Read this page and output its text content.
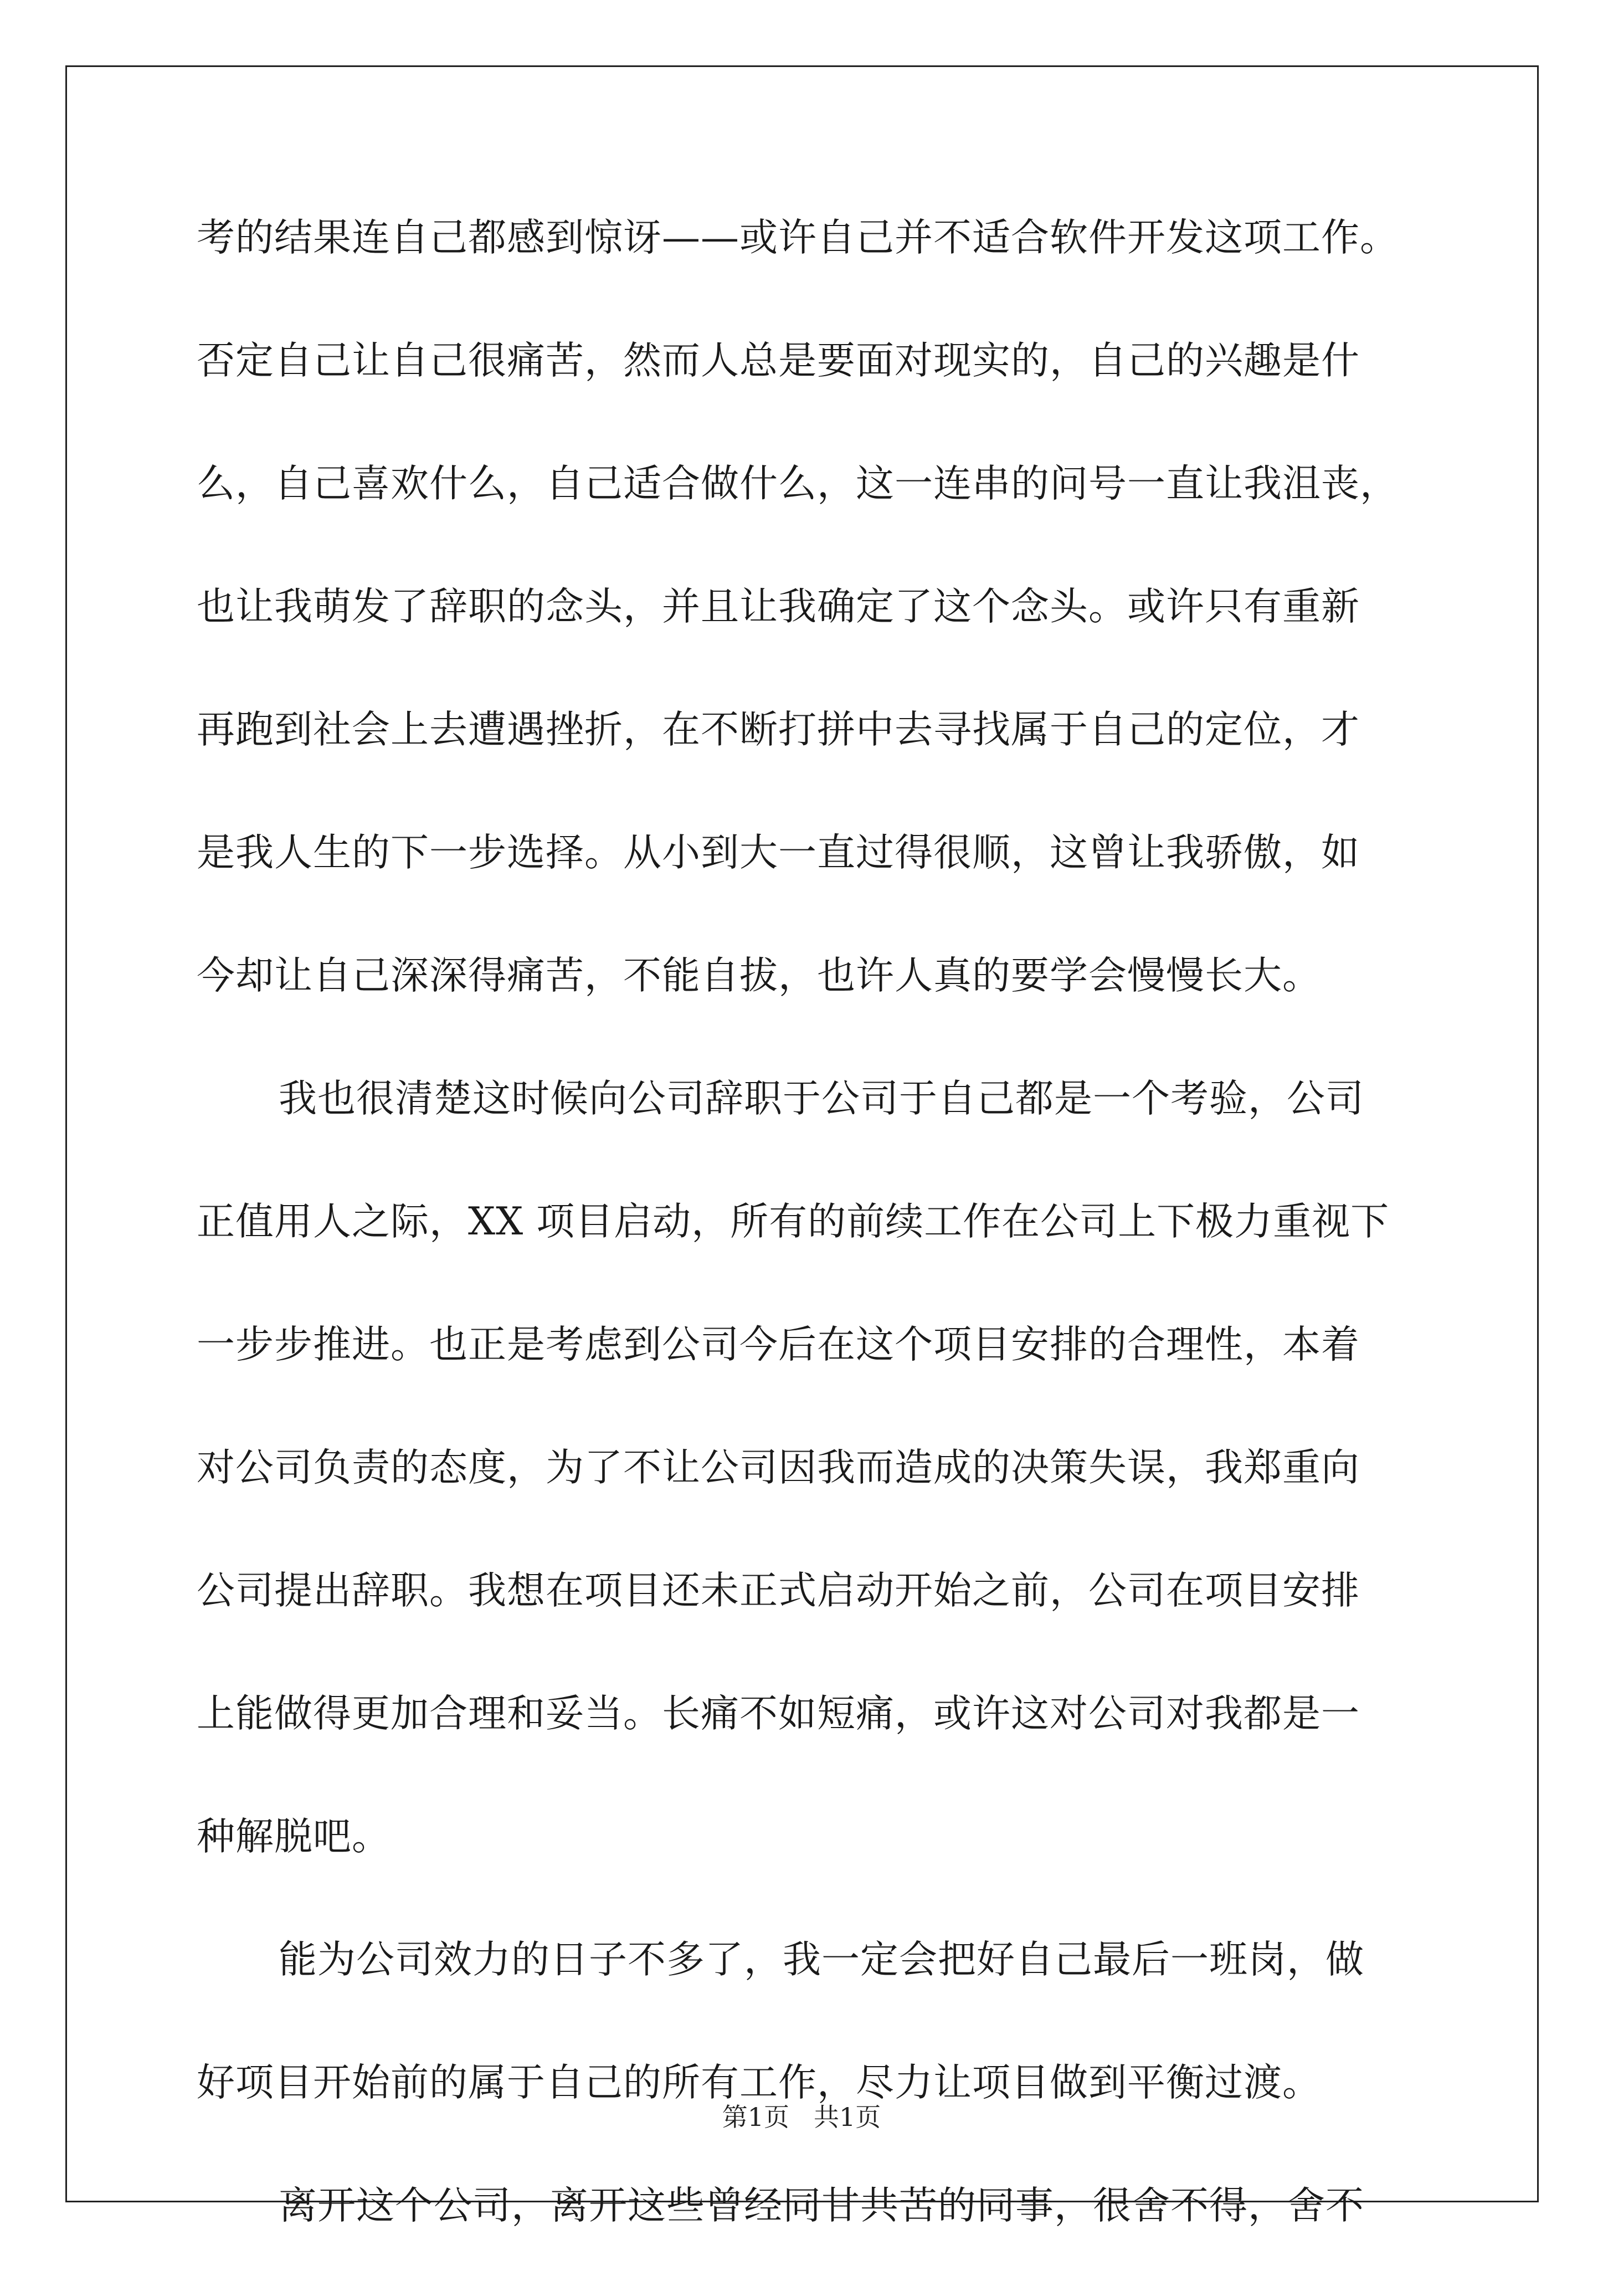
考的结果连自己都感到惊讶——或许自己并不适合软件开发这项工作。
否定自己让自己很痛苦，然而人总是要面对现实的，自己的兴趣是什
么，自己喜欢什么，自己适合做什么，这一连串的问号一直让我沮丧，
也让我萌发了辞职的念头，并且让我确定了这个念头。或许只有重新
再跑到社会上去遭遇挫折，在不断打拼中去寻找属于自己的定位，才
是我人生的下一步选择。从小到大一直过得很顺，这曾让我骄傲，如
今却让自己深深得痛苦，不能自拔，也许人真的要学会慢慢长大。
我也很清楚这时候向公司辞职于公司于自己都是一个考验，公司
正值用人之际，XX 项目启动，所有的前续工作在公司上下极力重视下
一步步推进。也正是考虑到公司今后在这个项目安排的合理性，本着
对公司负责的态度，为了不让公司因我而造成的决策失误，我郑重向
公司提出辞职。我想在项目还未正式启动开始之前，公司在项目安排
上能做得更加合理和妥当。长痛不如短痛，或许这对公司对我都是一
种解脱吧。
能为公司效力的日子不多了，我一定会把好自己最后一班岗，做
好项目开始前的属于自己的所有工作，尽力让项目做到平衡过渡。
离开这个公司，离开这些曾经同甘共苦的同事，很舍不得，舍不
第1页 共1页
